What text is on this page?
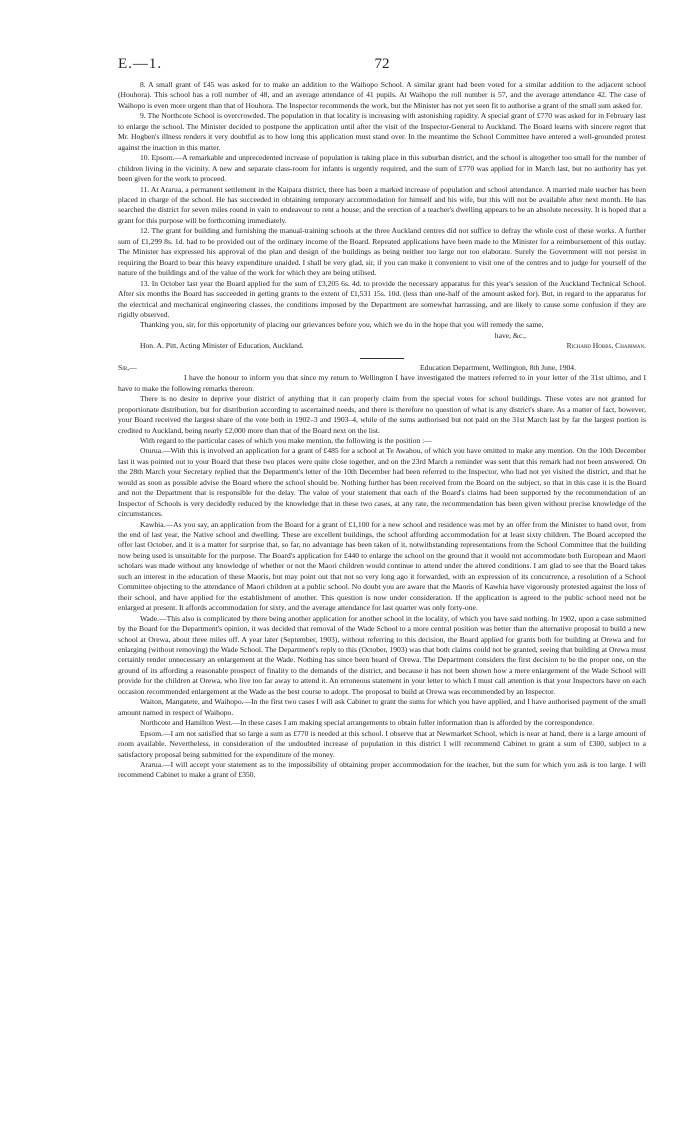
E.—1.	72

8. A small grant of £45 was asked for to make an addition to the Waihopo School. A similar grant had been voted for a similar addition to the adjacent school (Houhora). This school has a roll number of 48, and an average attendance of 41 pupils. At Waihopo the roll number is 57, and the average attendance 42. The case of Waihopo is even more urgent than that of Houhora. The Inspector recommends the work, but the Minister has not yet seen fit to authorise a grant of the small sum asked for.

9. The Northcote School is overcrowded. The population in that locality is increasing with astonishing rapidity. A special grant of £770 was asked for in February last to enlarge the school. The Minister decided to postpone the application until after the visit of the Inspector-General to Auckland. The Board learns with sincere regret that Mr. Hogben's illness renders it very doubtful as to how long this application must stand over. In the meantime the School Committee have entered a well-grounded protest against the inaction in this matter.

10. Epsom.—A remarkable and unprecedented increase of population is taking place in this suburban district, and the school is altogether too small for the number of children living in the vicinity. A new and separate class-room for infants is urgently required, and the sum of £770 was applied for in March last, but no authority has yet been given for the work to proceed.

11. At Ararua, a permanent settlement in the Kaipara district, there has been a marked increase of population and school attendance. A married male teacher has been placed in charge of the school. He has succeeded in obtaining temporary accommodation for himself and his wife, but this will not be available after next month. He has searched the district for seven miles round in vain to endeavour to rent a house; and the erection of a teacher's dwelling appears to be an absolute necessity. It is hoped that a grant for this purpose will be forthcoming immediately.

12. The grant for building and furnishing the manual-training schools at the three Auckland centres did not suffice to defray the whole cost of these works. A further sum of £1,299 8s. 1d. had to be provided out of the ordinary income of the Board. Repeated applications have been made to the Minister for a reimbursement of this outlay. The Minister has expressed his approval of the plan and design of the buildings as being neither too large nor too elaborate. Surely the Government will not persist in requiring the Board to bear this heavy expenditure unaided. I shall be very glad, sir, if you can make it convenient to visit one of the centres and to judge for yourself of the nature of the buildings and of the value of the work for which they are being utilised.

13. In October last year the Board applied for the sum of £3,205 6s. 4d. to provide the necessary apparatus for this year's session of the Auckland Technical School. After six months the Board has succeeded in getting grants to the extent of £1,531 15s. 10d. (less than one-half of the amount asked for). But, in regard to the apparatus for the electrical and mechanical engineering classes, the conditions imposed by the Department are somewhat harrassing, and are likely to cause some confusion if they are rigidly observed.

Thanking you, sir, for this opportunity of placing our grievances before you, which we do in the hope that you will remedy the same,

have, &c.,

Hon. A. Pitt, Acting Minister of Education, Auckland.	Richard Hobbs, Chairman.

Sir,—	Education Department, Wellington, 8th June, 1904.

I have the honour to inform you that since my return to Wellington I have investigated the matters referred to in your letter of the 31st ultimo, and I have to make the following remarks thereon.

There is no desire to deprive your district of anything that it can properly claim from the special votes for school buildings. These votes are not granted for proportionate distribution, but for distribution according to ascertained needs, and there is therefore no question of what is any district's share. As a matter of fact, however, your Board received the largest share of the vote both in 1902–3 and 1903–4, while of the sums authorised but not paid on the 31st March last by far the largest portion is credited to Auckland, being nearly £2,000 more than that of the Board next on the list.

With regard to the particular cases of which you make mention, the following is the position :—

Oturua.—With this is involved an application for a grant of £485 for a school at Te Awahou, of which you have omitted to make any mention. On the 10th December last it was pointed out to your Board that these two places were quite close together, and on the 23rd March a reminder was sent that this remark had not been answered. On the 28th March your Secretary replied that the Department's letter of the 10th December had been referred to the Inspector, who had not yet visited the district, and that he would as soon as possible advise the Board where the school should be. Nothing further has been received from the Board on the subject, so that in this case it is the Board and not the Department that is responsible for the delay. The value of your statement that each of the Board's claims had been supported by the recommendation of an Inspector of Schools is very decidedly reduced by the knowledge that in these two cases, at any rate, the recommendation has been given without precise knowledge of the circumstances.

Kawhia.—As you say, an application from the Board for a grant of £1,100 for a new school and residence was met by an offer from the Minister to hand over, from the end of last year, the Native school and dwelling. These are excellent buildings, the school affording accommodation for at least sixty children. The Board accepted the offer last October, and it is a matter for surprise that, so far, no advantage has been taken of it, notwithstanding representations from the School Committee that the building now being used is unsuitable for the purpose. The Board's application for £440 to enlarge the school on the ground that it would not accommodate both European and Maori scholars was made without any knowledge of whether or not the Maori children would continue to attend under the altered conditions. I am glad to see that the Board takes such an interest in the education of these Maoris, but may point out that not so very long ago it forwarded, with an expression of its concurrence, a resolution of a School Committee objecting to the attendance of Maori children at a public school. No doubt you are aware that the Maoris of Kawhia have vigorously protested against the loss of their school, and have applied for the establishment of another. This question is now under consideration. If the application is agreed to the public school need not be enlarged at present. It affords accommodation for sixty, and the average attendance for last quarter was only forty-one.

Wade.—This also is complicated by there being another application for another school in the locality, of which you have said nothing. In 1902, upon a case submitted by the Board for the Department's opinion, it was decided that removal of the Wade School to a more central position was better than the alternative proposal to build a new school at Orewa, about three miles off. A year later (September, 1903), without referring to this decision, the Board applied for grants both for building at Orewa and for enlarging (without removing) the Wade School. The Department's reply to this (October, 1903) was that both claims could not be granted, seeing that building at Orewa must certainly render unnecessary an enlargement at the Wade. Nothing has since been heard of Orewa. The Department considers the first decision to be the proper one, on the ground of its affording a reasonable prospect of finality to the demands of the district, and because it has not been shown how a mere enlargement of the Wade School will provide for the children at Orewa, who live too far away to attend it. An erroneous statement in your letter to which I must call attention is that your Inspectors have on each occasion recommended enlargement at the Wade as the best course to adopt. The proposal to build at Orewa was recommended by an Inspector.

Waiton, Mangatete, and Waihopo.—In the first two cases I will ask Cabinet to grant the sums for which you have applied, and I have authorised payment of the small amount named in respect of Waihopo.

Northcote and Hamilton West.—In these cases I am making special arrangements to obtain fuller information than is afforded by the correspondence.

Epsom.—I am not satisfied that so large a sum as £770 is needed at this school. I observe that at Newmarket School, which is near at hand, there is a large amount of room available. Nevertheless, in consideration of the undoubted increase of population in this district I will recommend Cabinet to grant a sum of £300, subject to a satisfactory proposal being submitted for the expenditure of the money.

Ararua.—I will accept your statement as to the impossibility of obtaining proper accommodation for the teacher, but the sum for which you ask is too large. I will recommend Cabinet to make a grant of £350.
